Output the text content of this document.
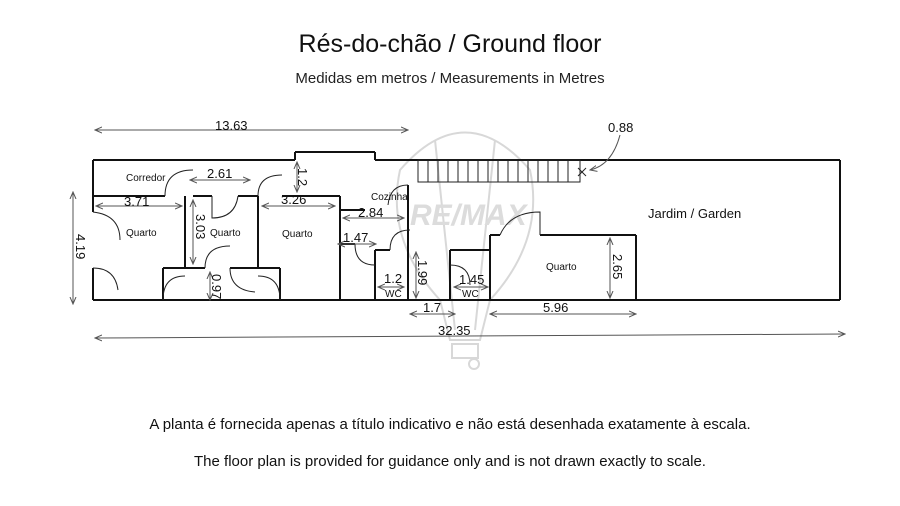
Rés-do-chão / Ground floor
Medidas em metros / Measurements in Metres
RE/MAX
13.63	0.88
2.61	1.2
3.71
3.03
3.26
2.84
1.47
4.19
0.97	1.2 1.99 1.45
2.65
1.7	5.96
32.35
Corredor
Quarto	Quarto	Quarto
Cozinha
WC	WC
Quarto
Jardim / Garden
A planta é fornecida apenas a título indicativo e não está desenhada exatamente à escala.
The floor plan is provided for guidance only and is not drawn exactly to scale.
